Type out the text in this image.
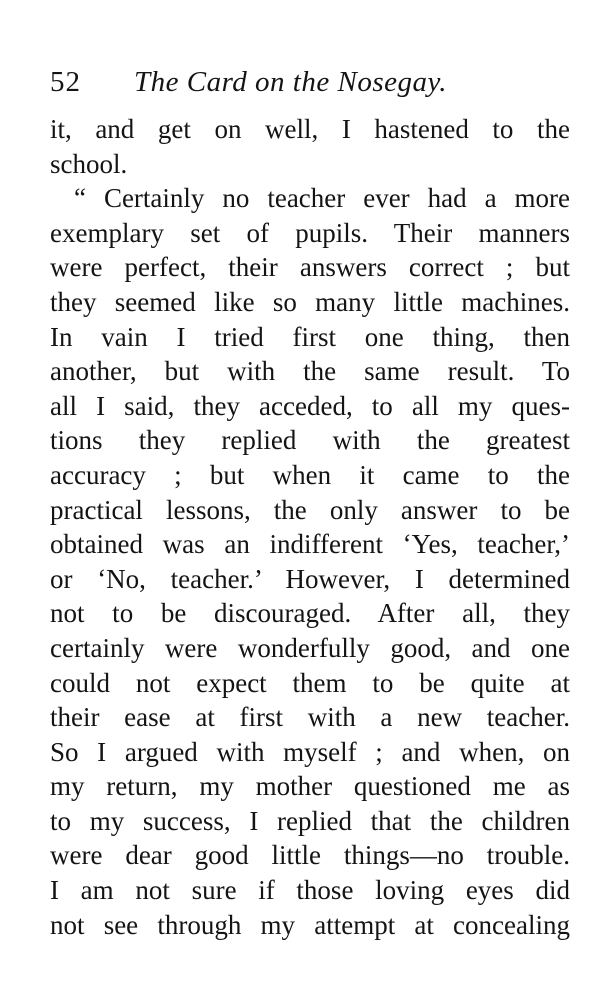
52 The Card on the Nosegay.
it, and get on well, I hastened to the
school.
“ Certainly no teacher ever had a more
exemplary set of pupils. Their manners
were perfect, their answers correct ; but
they seemed like so many little machines.
In vain I tried first one thing, then
another, but with the same result. To
all I said, they acceded, to all my ques-
tions they replied with the greatest
accuracy ; but when it came to the
practical lessons, the only answer to be
obtained was an indifferent ‘Yes, teacher,’
or ‘No, teacher.’ However, I determined
not to be discouraged. After all, they
certainly were wonderfully good, and one
could not expect them to be quite at
their ease at first with a new teacher.
So I argued with myself ; and when, on
my return, my mother questioned me as
to my success, I replied that the children
were dear good little things—no trouble.
I am not sure if those loving eyes did
not see through my attempt at concealing
